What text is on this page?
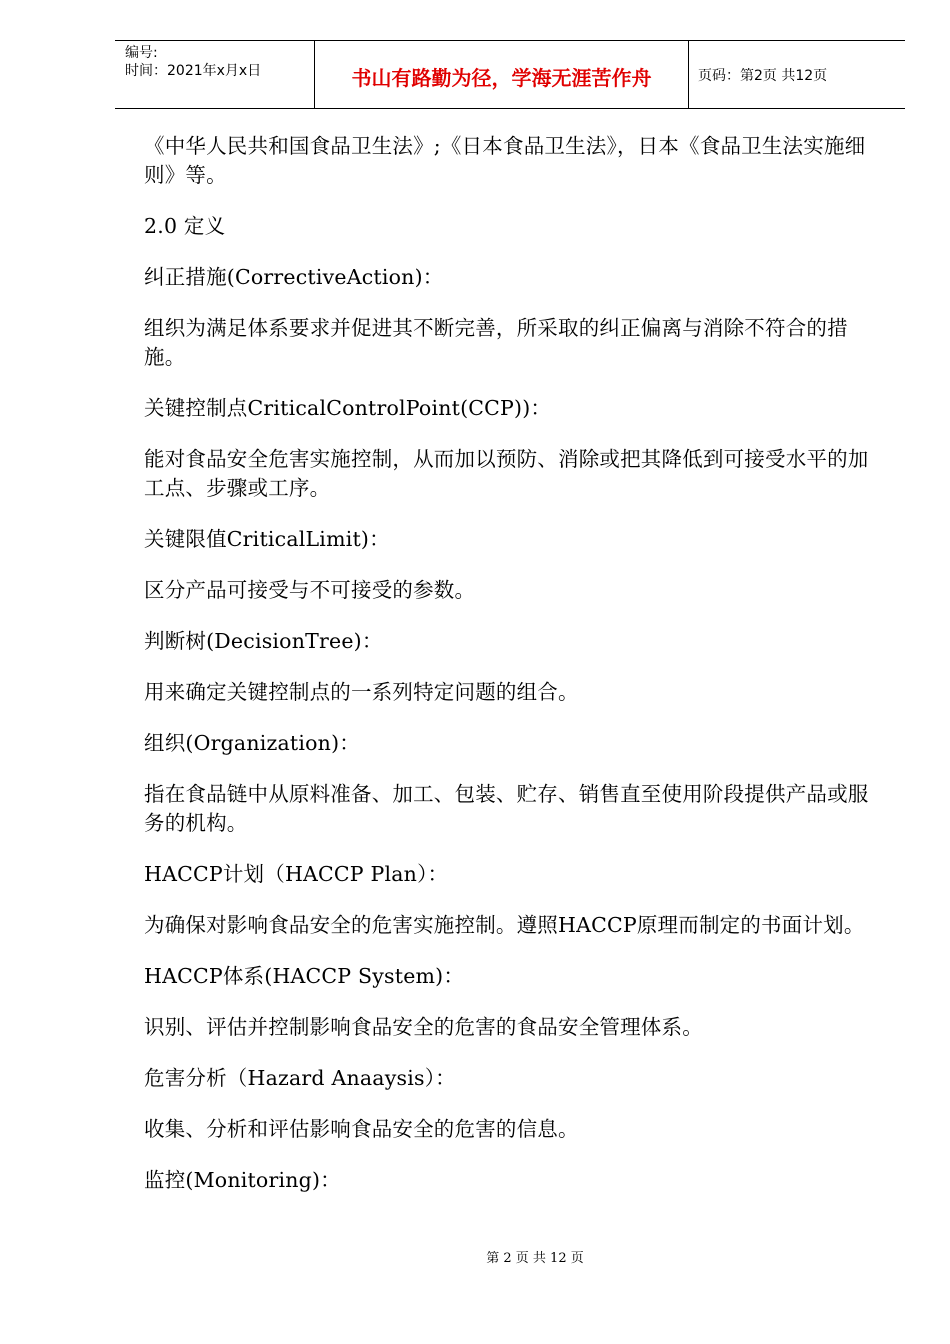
编号:
时间：2021年x月x日	书山有路勤为径，学海无涯苦作舟	页码：第2页 共12页

《中华人民共和国食品卫生法》;《日本食品卫生法》，日本《食品卫生法实施细则》等。

2.0 定义

纠正措施(CorrectiveAction)：

组织为满足体系要求并促进其不断完善，所采取的纠正偏离与消除不符合的措施。

关键控制点CriticalControlPoint(CCP))：

能对食品安全危害实施控制，从而加以预防、消除或把其降低到可接受水平的加工点、步骤或工序。

关键限值CriticalLimit)：

区分产品可接受与不可接受的参数。

判断树(DecisionTree)：

用来确定关键控制点的一系列特定问题的组合。

组织(Organization)：

指在食品链中从原料准备、加工、包装、贮存、销售直至使用阶段提供产品或服务的机构。

HACCP计划（HACCP Plan）：

为确保对影响食品安全的危害实施控制。遵照HACCP原理而制定的书面计划。

HACCP体系(HACCP System)：

识别、评估并控制影响食品安全的危害的食品安全管理体系。

危害分析（Hazard Anaaysis）：

收集、分析和评估影响食品安全的危害的信息。

监控(Monitoring)：

第 2 页 共 12 页
